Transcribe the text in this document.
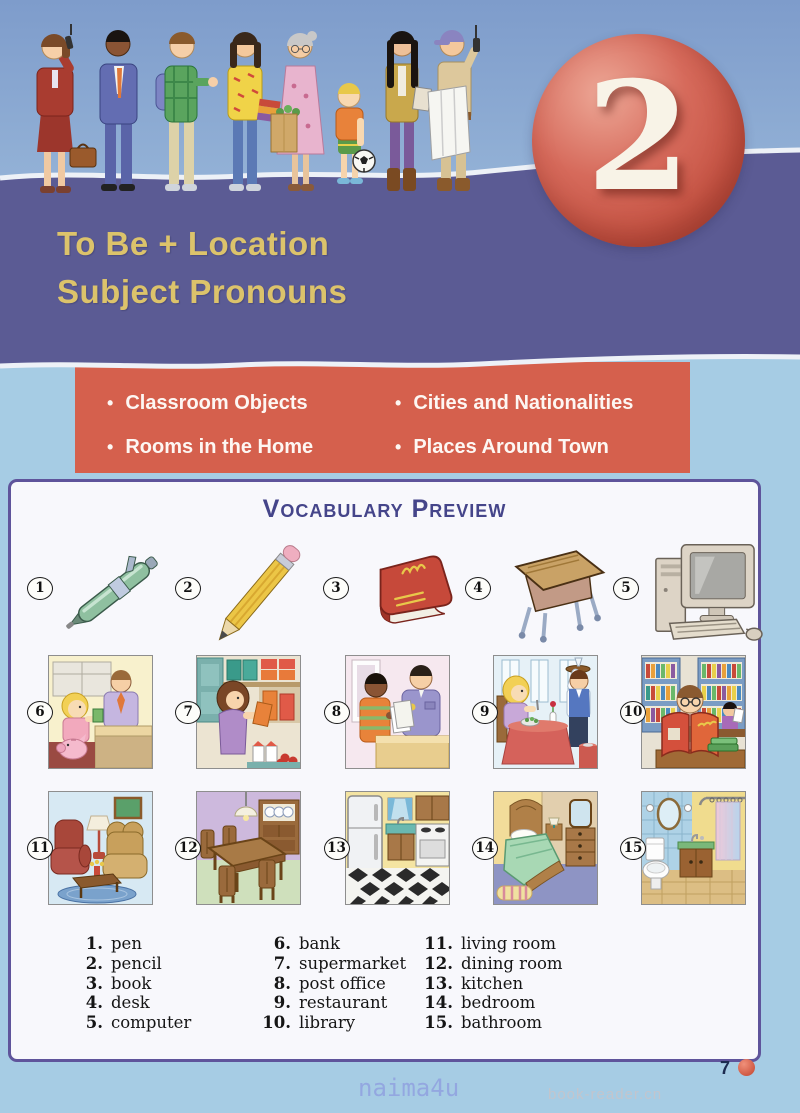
2
To Be + Location
Subject Pronouns
• Classroom Objects	• Cities and Nationalities
• Rooms in the Home	• Places Around Town
Vocabulary Preview
1	2	3	4	5
6	7	8	9	10
11	12	13	14	15
1 . pen
2 . pencil
3 . book
4 . desk
5 . computer
6 . bank
7 . supermarket
8 . post office
9 . restaurant
10 . library
11 . living room
12 . dining room
13 . kitchen
14 . bedroom
15 . bathroom
7
naima4u	book-reader.cn
